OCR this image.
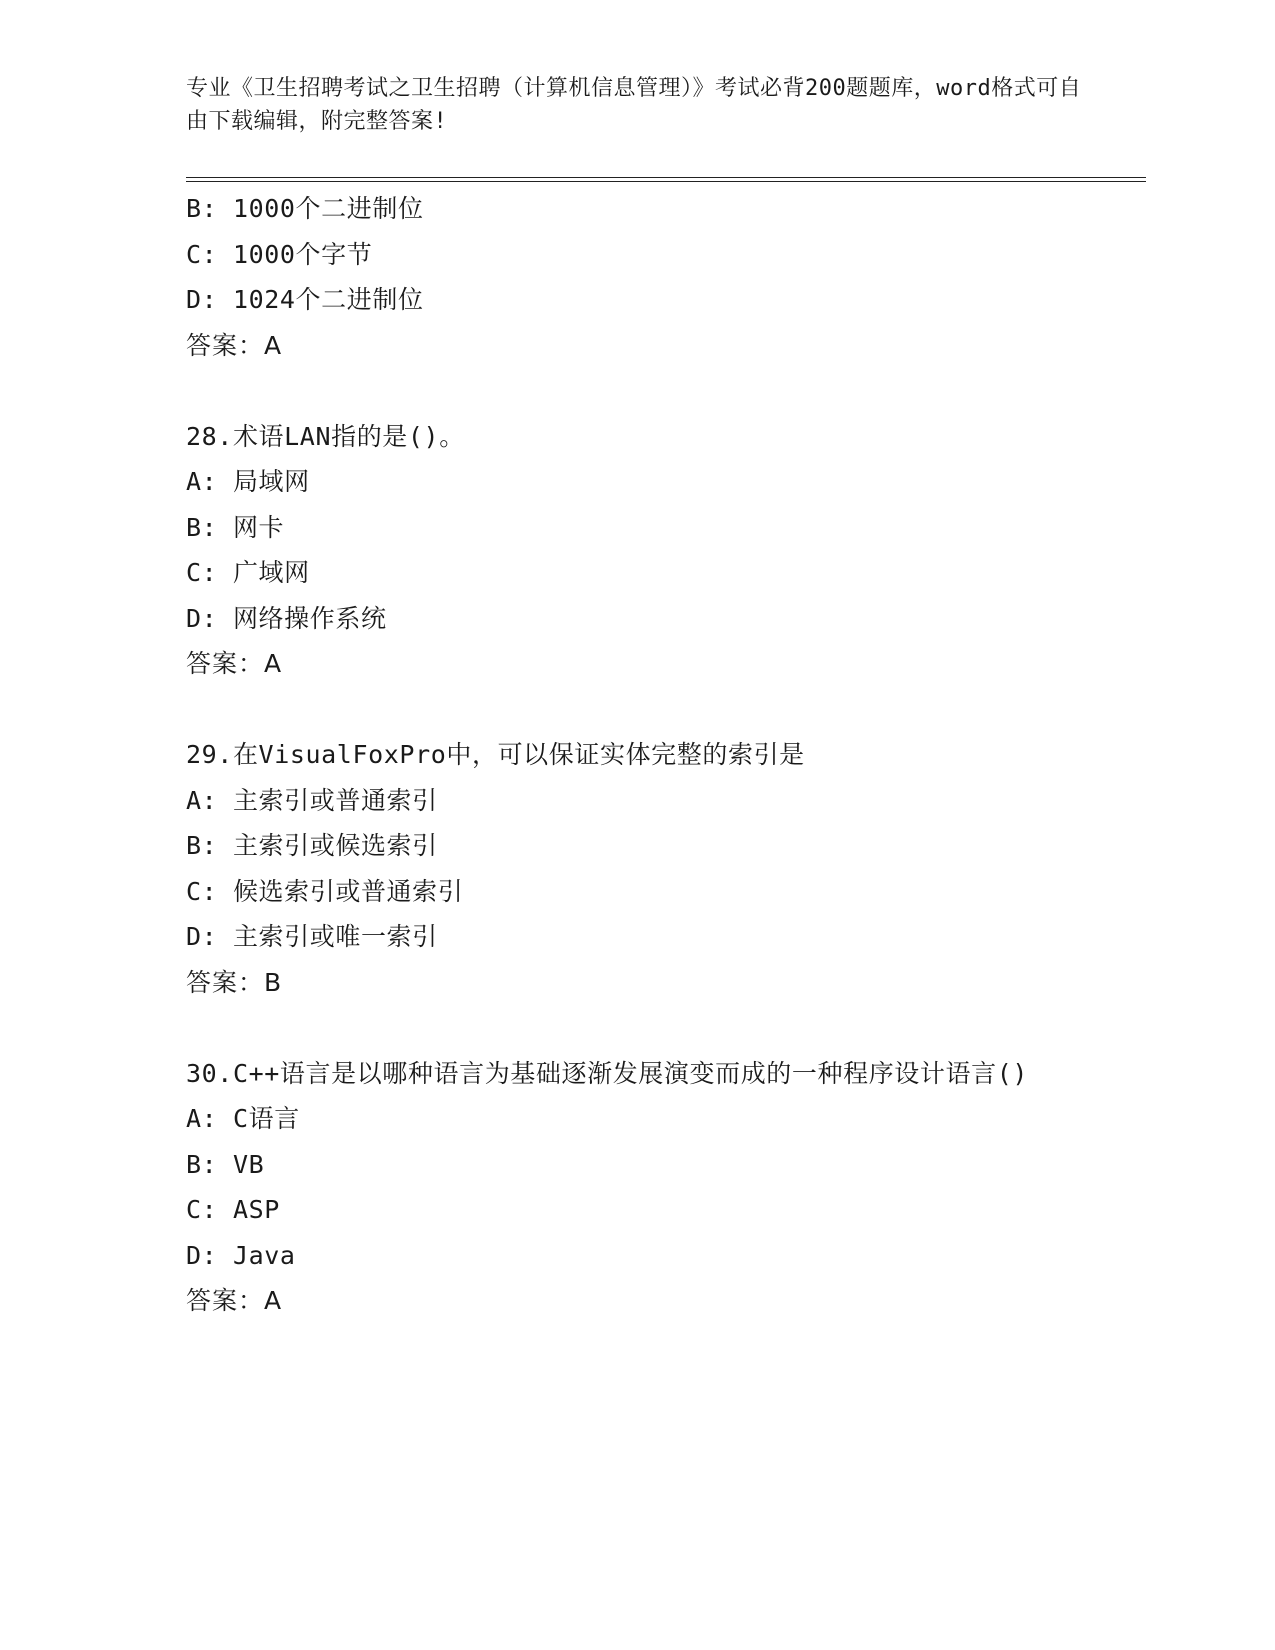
专业《卫生招聘考试之卫生招聘（计算机信息管理）》考试必背200题题库，word格式可自由下载编辑，附完整答案!
B: 1000个二进制位
C: 1000个字节
D: 1024个二进制位
答案：A
28.术语LAN指的是()。
A: 局域网
B: 网卡
C: 广域网
D: 网络操作系统
答案：A
29.在VisualFoxPro中，可以保证实体完整的索引是
A: 主索引或普通索引
B: 主索引或候选索引
C: 候选索引或普通索引
D: 主索引或唯一索引
答案：B
30.C++语言是以哪种语言为基础逐渐发展演变而成的一种程序设计语言()
A: C语言
B: VB
C: ASP
D: Java
答案：A
